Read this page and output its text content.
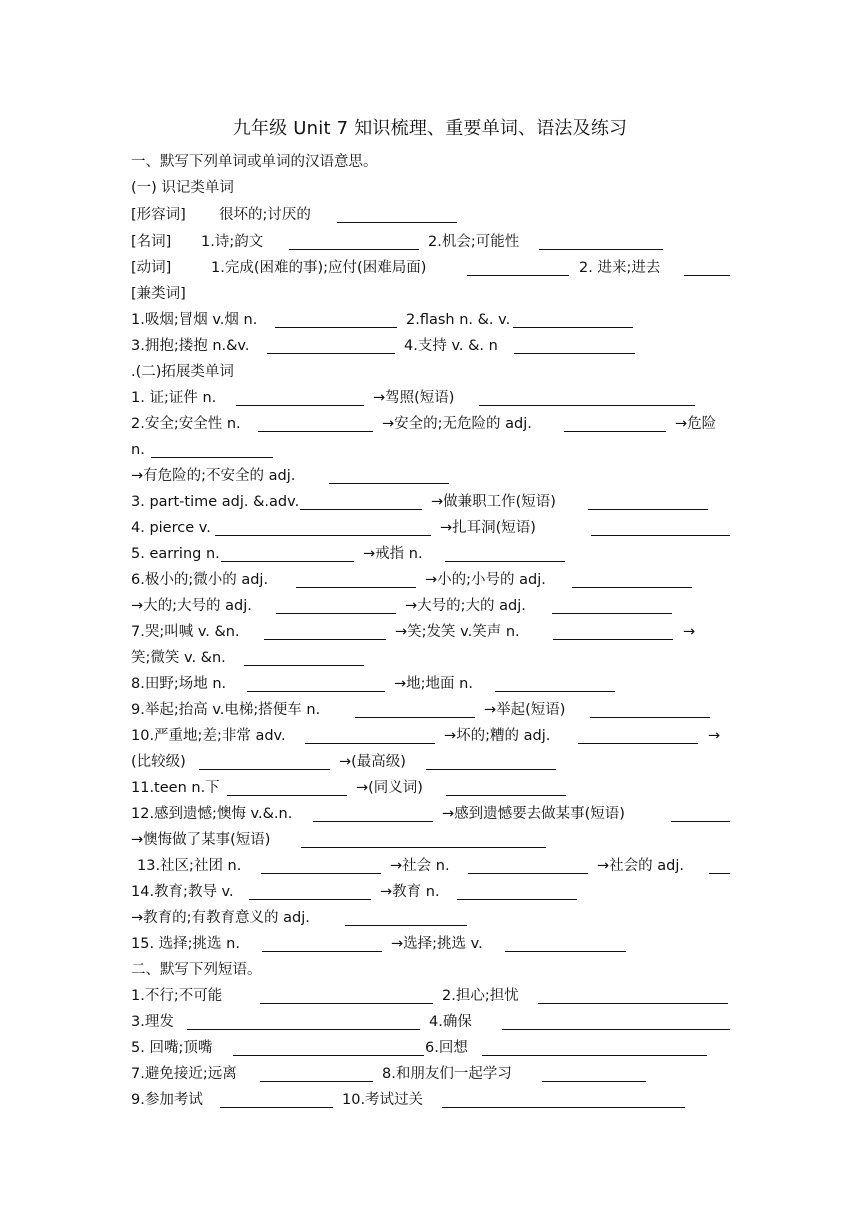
九年级 Unit 7 知识梳理、重要单词、语法及练习
一、默写下列单词或单词的汉语意思。
(一) 识记类单词
[形容词] 很坏的;讨厌的
[名词] 1.诗;韵文	2.机会;可能性
[动词]	1.完成(困难的事);应付(困难局面)	2. 进来;进去
[兼类词]
1.吸烟;冒烟 v.烟 n.	2.flash n. &. v.
3.拥抱;搂抱 n.&v.	4.支持 v. &. n
.(二)拓展类单词
1. 证;证件 n.	→驾照(短语)
2.安全;安全性 n.	→安全的;无危险的 adj.	→危险
n.
→有危险的;不安全的 adj.
3. part-time adj. &.adv.	→做兼职工作(短语)
4. pierce v.	→扎耳洞(短语)
5. earring n.	→戒指 n.
6.极小的;微小的 adj.	→小的;小号的 adj.
→大的;大号的 adj.	→大号的;大的 adj.
7.哭;叫喊 v. &n.	→笑;发笑 v.笑声 n.	→
笑;微笑 v. &n.
8.田野;场地 n.	→地;地面 n.
9.举起;抬高 v.电梯;搭便车 n.	→举起(短语)
10.严重地;差;非常 adv.	→坏的;糟的 adj.	→
(比较级)	→(最高级)
11.teen n.下	→(同义词)
12.感到遗憾;懊悔 v.&.n.	→感到遗憾要去做某事(短语)
→懊悔做了某事(短语)
13.社区;社团 n.	→社会 n.	→社会的 adj.
14.教育;教导 v.	→教育 n.
→教育的;有教育意义的 adj.
15. 选择;挑选 n.	→选择;挑选 v.
二、默写下列短语。
1.不行;不可能	2.担心;担忧
3.理发	4.确保
5. 回嘴;顶嘴	6.回想
7.避免接近;远离	8.和朋友们一起学习
9.参加考试	10.考试过关
